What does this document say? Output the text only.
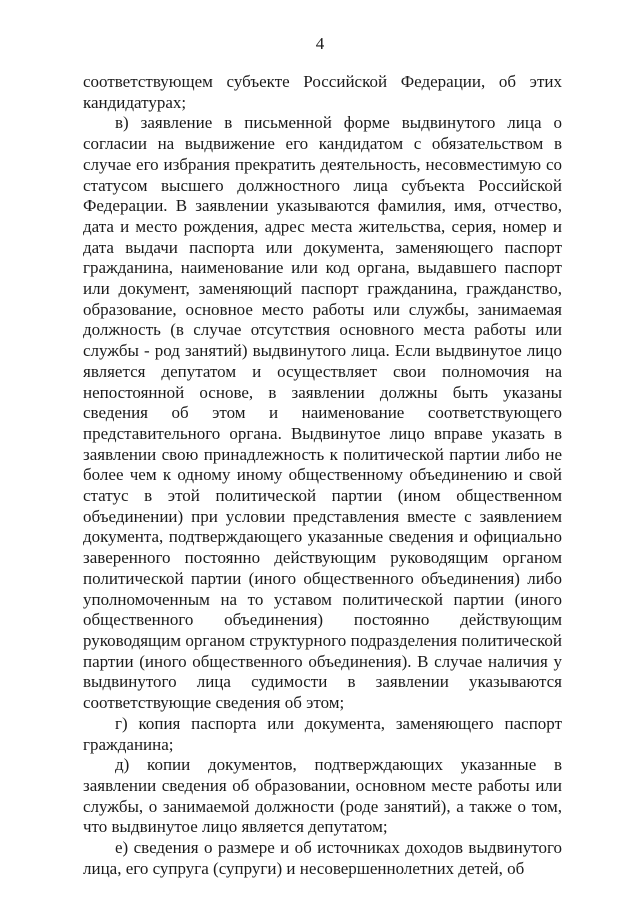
4

соответствующем субъекте Российской Федерации, об этих кандидатурах;

в) заявление в письменной форме выдвинутого лица о согласии на выдвижение его кандидатом с обязательством в случае его избрания прекратить деятельность, несовместимую со статусом высшего должностного лица субъекта Российской Федерации. В заявлении указываются фамилия, имя, отчество, дата и место рождения, адрес места жительства, серия, номер и дата выдачи паспорта или документа, заменяющего паспорт гражданина, наименование или код органа, выдавшего паспорт или документ, заменяющий паспорт гражданина, гражданство, образование, основное место работы или службы, занимаемая должность (в случае отсутствия основного места работы или службы - род занятий) выдвинутого лица. Если выдвинутое лицо является депутатом и осуществляет свои полномочия на непостоянной основе, в заявлении должны быть указаны сведения об этом и наименование соответствующего представительного органа. Выдвинутое лицо вправе указать в заявлении свою принадлежность к политической партии либо не более чем к одному иному общественному объединению и свой статус в этой политической партии (ином общественном объединении) при условии представления вместе с заявлением документа, подтверждающего указанные сведения и официально заверенного постоянно действующим руководящим органом политической партии (иного общественного объединения) либо уполномоченным на то уставом политической партии (иного общественного объединения) постоянно действующим руководящим органом структурного подразделения политической партии (иного общественного объединения). В случае наличия у выдвинутого лица судимости в заявлении указываются соответствующие сведения об этом;

г) копия паспорта или документа, заменяющего паспорт гражданина;

д) копии документов, подтверждающих указанные в заявлении сведения об образовании, основном месте работы или службы, о занимаемой должности (роде занятий), а также о том, что выдвинутое лицо является депутатом;

е) сведения о размере и об источниках доходов выдвинутого лица, его супруга (супруги) и несовершеннолетних детей, об
